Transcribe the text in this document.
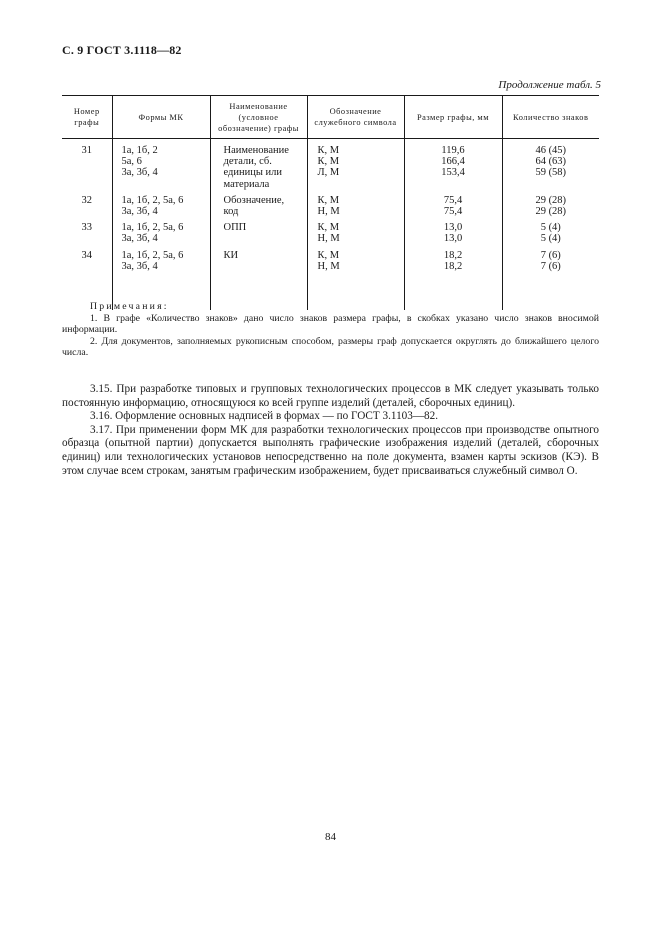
С. 9 ГОСТ 3.1118—82
Продолжение табл. 5
Номер
графы	Формы МК	Наименование
(условное
обозначение) графы	Обозначение
служебного символа	Размер графы, мм	Количество знаков

31	1а, 1б, 2
5а, 6
3а, 3б, 4	Наименование
детали, сб.
единицы или
материала	К, М
К, М
Л, М	119,6
166,4
153,4	46 (45)
64 (63)
59 (58)

32	1а, 1б, 2, 5а, 6
3а, 3б, 4	Обозначение,
код	К, М
Н, М	75,4
75,4	29 (28)
29 (28)

33	1а, 1б, 2, 5а, 6
3а, 3б, 4	ОПП	К, М
Н, М	13,0
13,0	5 (4)
5 (4)

34	1а, 1б, 2, 5а, 6
3а, 3б, 4	КИ	К, М
Н, М	18,2
18,2	7 (6)
7 (6)
Примечания:

1. В графе «Количество знаков» дано число знаков размера графы, в скобках указано число знаков вносимой информации.

2. Для документов, заполняемых рукописным способом, размеры граф допускается округлять до ближайшего целого числа.

3.15. При разработке типовых и групповых технологических процессов в МК следует указывать только постоянную информацию, относящуюся ко всей группе изделий (деталей, сборочных единиц).

3.16. Оформление основных надписей в формах — по ГОСТ 3.1103—82.

3.17. При применении форм МК для разработки технологических процессов при производстве опытного образца (опытной партии) допускается выполнять графические изображения изделий (деталей, сборочных единиц) или технологических установов непосредственно на поле документа, взамен карты эскизов (КЭ). В этом случае всем строкам, занятым графическим изображением, будет присваиваться служебный символ О.

84
